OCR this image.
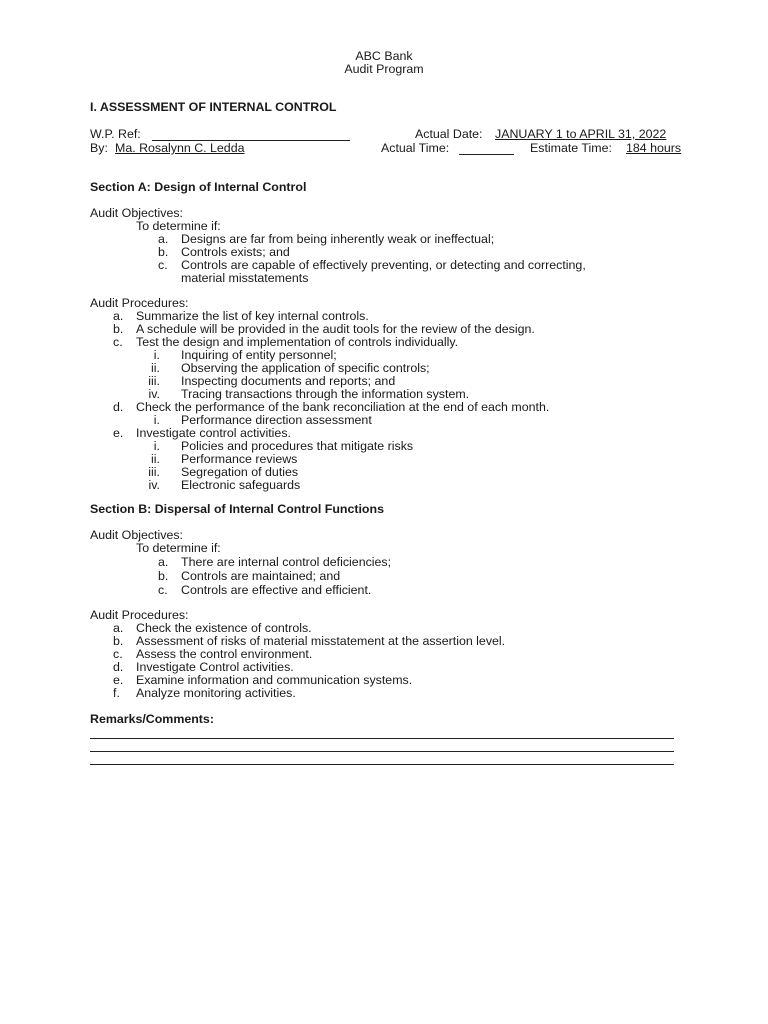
ABC Bank
Audit Program
I. ASSESSMENT OF INTERNAL CONTROL
W.P. Ref:	Actual Date: JANUARY 1 to APRIL 31, 2022
By: Ma. Rosalynn C. Ledda	Actual Time:	Estimate Time: 184 hours
Section A: Design of Internal Control
Audit Objectives:
To determine if:
a. Designs are far from being inherently weak or ineffectual;
b. Controls exists; and
c. Controls are capable of effectively preventing, or detecting and correcting,
material misstatements
Audit Procedures:
a. Summarize the list of key internal controls.
b. A schedule will be provided in the audit tools for the review of the design.
c. Test the design and implementation of controls individually.
i. Inquiring of entity personnel;
ii. Observing the application of specific controls;
iii. Inspecting documents and reports; and
iv. Tracing transactions through the information system.
d. Check the performance of the bank reconciliation at the end of each month.
i. Performance direction assessment
e. Investigate control activities.
i. Policies and procedures that mitigate risks
ii. Performance reviews
iii. Segregation of duties
iv. Electronic safeguards
Section B: Dispersal of Internal Control Functions
Audit Objectives:
To determine if:
a. There are internal control deficiencies;
b. Controls are maintained; and
c. Controls are effective and efficient.
Audit Procedures:
a. Check the existence of controls.
b. Assessment of risks of material misstatement at the assertion level.
c. Assess the control environment.
d. Investigate Control activities.
e. Examine information and communication systems.
f. Analyze monitoring activities.
Remarks/Comments:
